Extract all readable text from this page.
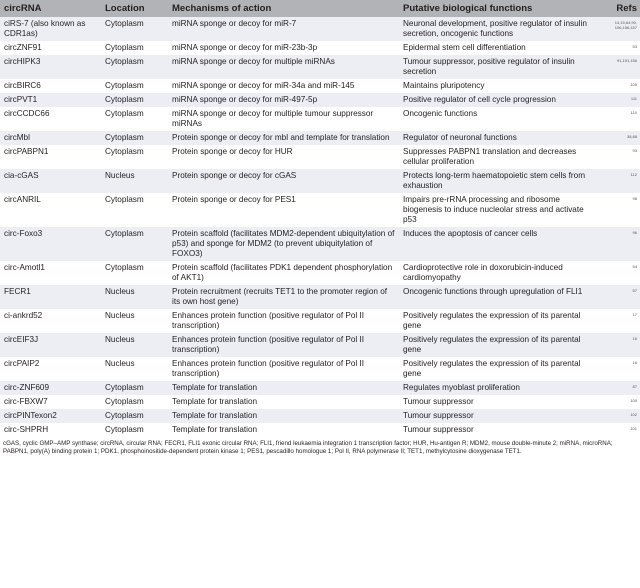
circRNA	Location	Mechanisms of action	Putative biological functions	Refs
ciRS-7 (also known as CDR1as)	Cytoplasm	miRNA sponge or decoy for miR-7	Neuronal development, positive regulator of insulin secretion, oncogenic functions	14,15,64,90, 106,156,157
circZNF91	Cytoplasm	miRNA sponge or decoy for miR-23b-3p	Epidermal stem cell differentiation	53
circHIPK3	Cytoplasm	miRNA sponge or decoy for multiple miRNAs	Tumour suppressor, positive regulator of insulin secretion	91,151,156
circBIRC6	Cytoplasm	miRNA sponge or decoy for miR-34a and miR-145	Maintains pluripotency	105
circPVT1	Cytoplasm	miRNA sponge or decoy for miR-497-5p	Positive regulator of cell cycle progression	111
circCCDC66	Cytoplasm	miRNA sponge or decoy for multiple tumour suppressor miRNAs	Oncogenic functions	110
circMbl	Cytoplasm	Protein sponge or decoy for mbl and template for translation	Regulator of neuronal functions	38,88
circPABPN1	Cytoplasm	Protein sponge or decoy for HUR	Suppresses PABPN1 translation and decreases cellular proliferation	93
cia-cGAS	Nucleus	Protein sponge or decoy for cGAS	Protects long-term haematopoietic stem cells from exhaustion	112
circANRIL	Cytoplasm	Protein sponge or decoy for PES1	Impairs pre-rRNA processing and ribosome biogenesis to induce nucleolar stress and activate p53	98
circ-Foxo3	Cytoplasm	Protein scaffold (facilitates MDM2-dependent ubiquitylation of p53) and sponge for MDM2 (to prevent ubiquitylation of FOXO3)	Induces the apoptosis of cancer cells	96
circ-Amotl1	Cytoplasm	Protein scaffold (facilitates PDK1 dependent phosphorylation of AKT1)	Cardioprotective role in doxorubicin-induced cardiomyopathy	94
FECR1	Nucleus	Protein recruitment (recruits TET1 to the promoter region of its own host gene)	Oncogenic functions through upregulation of FLI1	57
ci-ankrd52	Nucleus	Enhances protein function (positive regulator of Pol II transcription)	Positively regulates the expression of its parental gene	17
circEIF3J	Nucleus	Enhances protein function (positive regulator of Pol II transcription)	Positively regulates the expression of its parental gene	16
circPAIP2	Nucleus	Enhances protein function (positive regulator of Pol II transcription)	Positively regulates the expression of its parental gene	16
circ-ZNF609	Cytoplasm	Template for translation	Regulates myoblast proliferation	87
circ-FBXW7	Cytoplasm	Template for translation	Tumour suppressor	100
circPINTexon2	Cytoplasm	Template for translation	Tumour suppressor	102
circ-SHPRH	Cytoplasm	Template for translation	Tumour suppressor	101
cGAS, cyclic GMP–AMP synthase; circRNA, circular RNA; FECR1, FLI1 exonic circular RNA; FLI1, friend leukaemia integration 1 transcription factor; HUR, Hu-antigen R; MDM2, mouse double-minute 2; miRNA, microRNA; PABPN1, poly(A) binding protein 1; PDK1, phosphoinositide-dependent protein kinase 1; PES1, pescadillo homologue 1; Pol II, RNA polymerase II; TET1, methylcytosine dioxygenase TET1.
